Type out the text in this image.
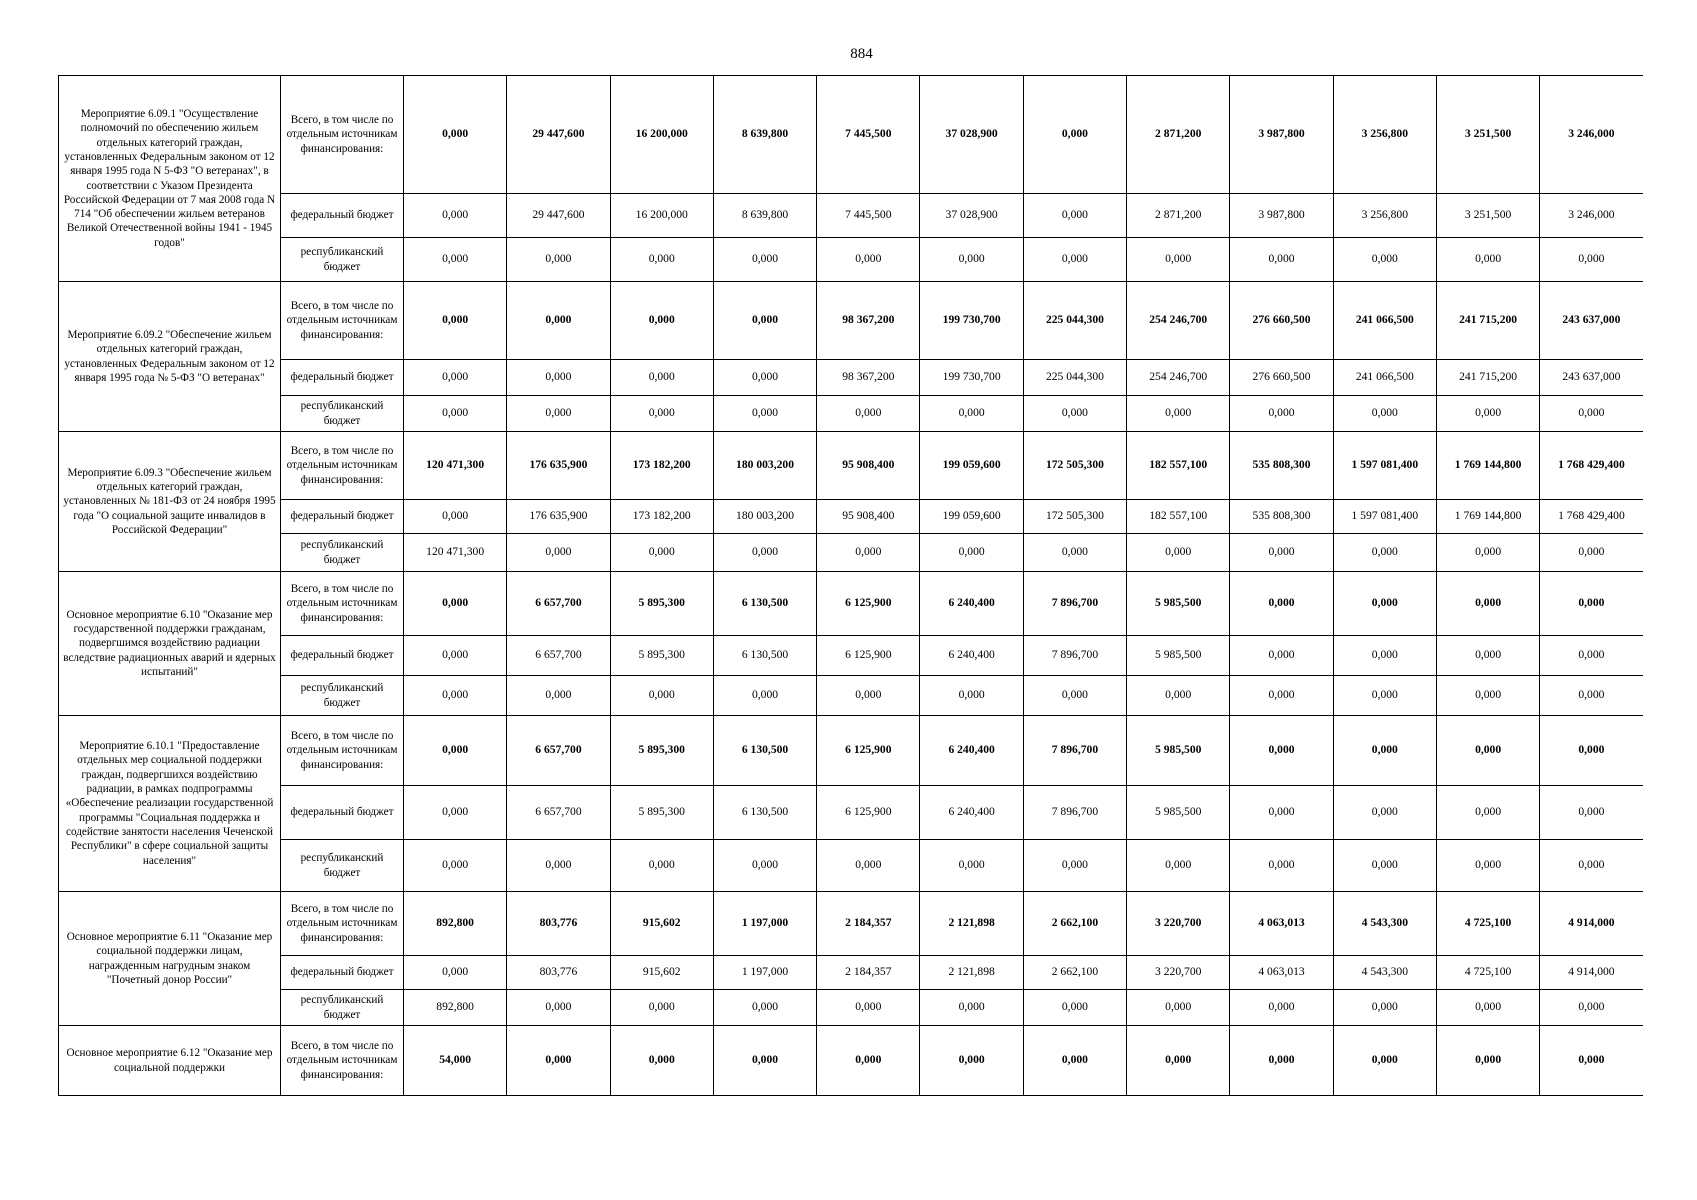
884
Мероприятие 6.09.1 "Осуществление полномочий по обеспечению жильем отдельных категорий граждан, установленных Федеральным законом от 12 января 1995 года N 5-ФЗ "О ветеранах", в соответствии с Указом Президента Российской Федерации от 7 мая 2008 года N 714 "Об обеспечении жильем ветеранов Великой Отечественной войны 1941 - 1945 годов"	Всего, в том числе по отдельным источникам финансирования:	0,000	29 447,600	16 200,000	8 639,800	7 445,500	37 028,900	0,000	2 871,200	3 987,800	3 256,800	3 251,500	3 246,000
	федеральный бюджет	0,000	29 447,600	16 200,000	8 639,800	7 445,500	37 028,900	0,000	2 871,200	3 987,800	3 256,800	3 251,500	3 246,000
	республиканский бюджет	0,000	0,000	0,000	0,000	0,000	0,000	0,000	0,000	0,000	0,000	0,000	0,000
Мероприятие 6.09.2 "Обеспечение жильем отдельных категорий граждан, установленных Федеральным законом от 12 января 1995 года № 5-ФЗ "О ветеранах"	Всего, в том числе по отдельным источникам финансирования:	0,000	0,000	0,000	0,000	98 367,200	199 730,700	225 044,300	254 246,700	276 660,500	241 066,500	241 715,200	243 637,000
	федеральный бюджет	0,000	0,000	0,000	0,000	98 367,200	199 730,700	225 044,300	254 246,700	276 660,500	241 066,500	241 715,200	243 637,000
	республиканский бюджет	0,000	0,000	0,000	0,000	0,000	0,000	0,000	0,000	0,000	0,000	0,000	0,000
Мероприятие 6.09.3 "Обеспечение жильем отдельных категорий граждан, установленных № 181-ФЗ от 24 ноября 1995 года "О социальной защите инвалидов в Российской Федерации"	Всего, в том числе по отдельным источникам финансирования:	120 471,300	176 635,900	173 182,200	180 003,200	95 908,400	199 059,600	172 505,300	182 557,100	535 808,300	1 597 081,400	1 769 144,800	1 768 429,400
	федеральный бюджет	0,000	176 635,900	173 182,200	180 003,200	95 908,400	199 059,600	172 505,300	182 557,100	535 808,300	1 597 081,400	1 769 144,800	1 768 429,400
	республиканский бюджет	120 471,300	0,000	0,000	0,000	0,000	0,000	0,000	0,000	0,000	0,000	0,000	0,000
Основное мероприятие 6.10 "Оказание мер государственной поддержки гражданам, подвергшимся воздействию радиации вследствие радиационных аварий и ядерных испытаний"	Всего, в том числе по отдельным источникам финансирования:	0,000	6 657,700	5 895,300	6 130,500	6 125,900	6 240,400	7 896,700	5 985,500	0,000	0,000	0,000	0,000
	федеральный бюджет	0,000	6 657,700	5 895,300	6 130,500	6 125,900	6 240,400	7 896,700	5 985,500	0,000	0,000	0,000	0,000
	республиканский бюджет	0,000	0,000	0,000	0,000	0,000	0,000	0,000	0,000	0,000	0,000	0,000	0,000
Мероприятие 6.10.1 "Предоставление отдельных мер социальной поддержки граждан, подвергшихся воздействию радиации, в рамках подпрограммы «Обеспечение реализации государственной программы "Социальная поддержка и содействие занятости населения Чеченской Республики" в сфере социальной защиты населения"	Всего, в том числе по отдельным источникам финансирования:	0,000	6 657,700	5 895,300	6 130,500	6 125,900	6 240,400	7 896,700	5 985,500	0,000	0,000	0,000	0,000
	федеральный бюджет	0,000	6 657,700	5 895,300	6 130,500	6 125,900	6 240,400	7 896,700	5 985,500	0,000	0,000	0,000	0,000
	республиканский бюджет	0,000	0,000	0,000	0,000	0,000	0,000	0,000	0,000	0,000	0,000	0,000	0,000
Основное мероприятие 6.11 "Оказание мер социальной поддержки лицам, награжденным нагрудным знаком "Почетный донор России"	Всего, в том числе по отдельным источникам финансирования:	892,800	803,776	915,602	1 197,000	2 184,357	2 121,898	2 662,100	3 220,700	4 063,013	4 543,300	4 725,100	4 914,000
	федеральный бюджет	0,000	803,776	915,602	1 197,000	2 184,357	2 121,898	2 662,100	3 220,700	4 063,013	4 543,300	4 725,100	4 914,000
	республиканский бюджет	892,800	0,000	0,000	0,000	0,000	0,000	0,000	0,000	0,000	0,000	0,000	0,000
Основное мероприятие 6.12 "Оказание мер социальной поддержки	Всего, в том числе по отдельным источникам финансирования:	54,000	0,000	0,000	0,000	0,000	0,000	0,000	0,000	0,000	0,000	0,000	0,000
